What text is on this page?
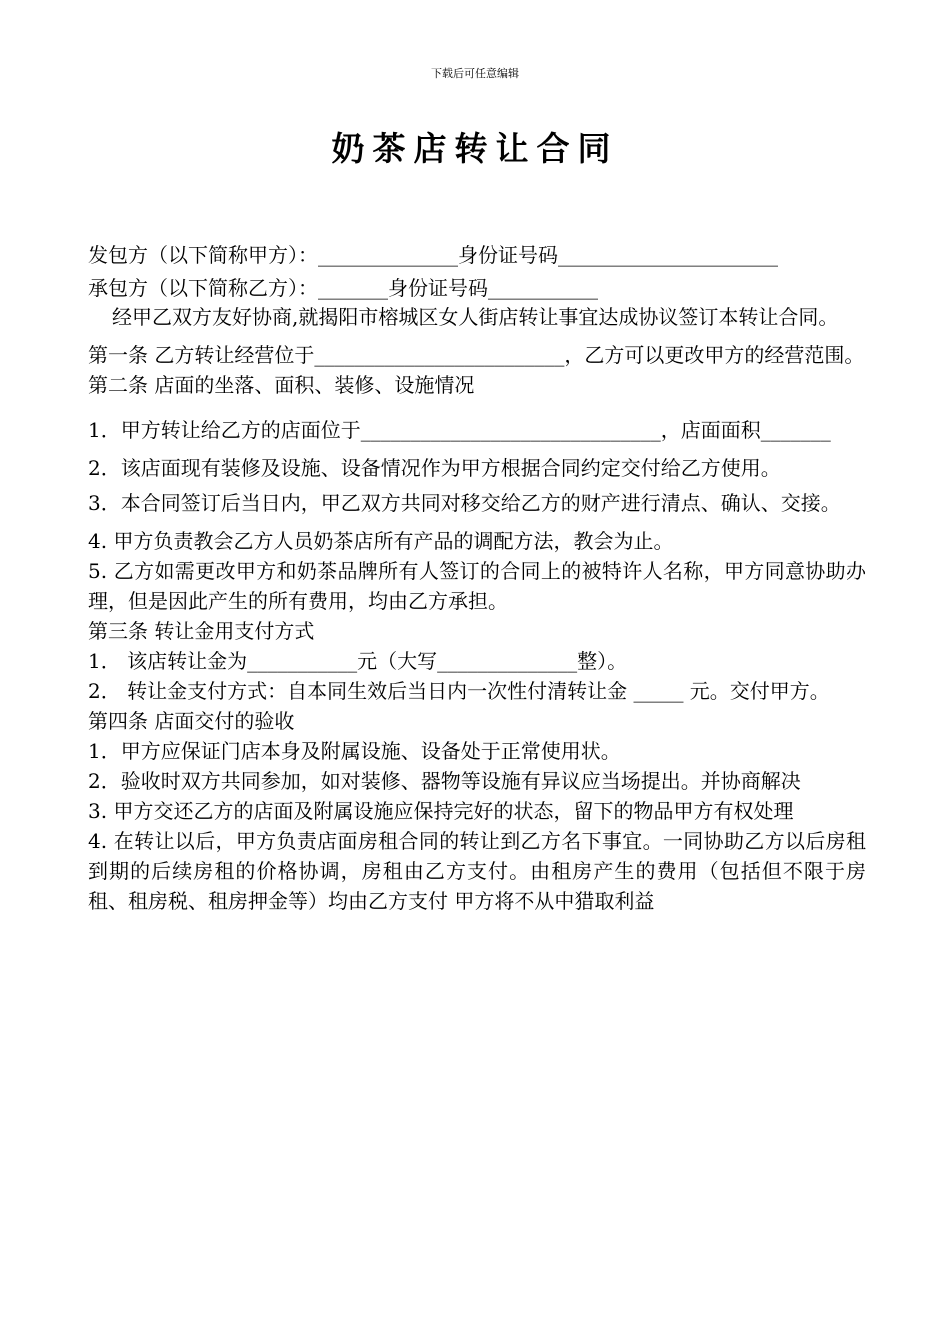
下载后可任意编辑
奶茶店转让合同

发包方（以下简称甲方）：______________身份证号码______________________

承包方（以下简称乙方）：_______身份证号码___________

经甲乙双方友好协商,就揭阳市榕城区女人街店转让事宜达成协议签订本转让合同。

第一条 乙方转让经营位于_________________________，乙方可以更改甲方的经营范围。

第二条 店面的坐落、面积、装修、设施情况

1．甲方转让给乙方的店面位于______________________________，店面面积_______

2．该店面现有装修及设施、设备情况作为甲方根据合同约定交付给乙方使用。

3．本合同签订后当日内，甲乙双方共同对移交给乙方的财产进行清点、确认、交接。

4. 甲方负责教会乙方人员奶茶店所有产品的调配方法，教会为止。

5. 乙方如需更改甲方和奶茶品牌所有人签订的合同上的被特许人名称，甲方同意协助办理，但是因此产生的所有费用，均由乙方承担。

第三条 转让金用支付方式

1． 该店转让金为___________元（大写______________整）。

2． 转让金支付方式：自本同生效后当日内一次性付清转让金 _____ 元。交付甲方。

第四条 店面交付的验收

1．甲方应保证门店本身及附属设施、设备处于正常使用状。

2．验收时双方共同参加，如对装修、器物等设施有异议应当场提出。并协商解决

3. 甲方交还乙方的店面及附属设施应保持完好的状态，留下的物品甲方有权处理

4. 在转让以后，甲方负责店面房租合同的转让到乙方名下事宜。一同协助乙方以后房租到期的后续房租的价格协调，房租由乙方支付。由租房产生的费用（包括但不限于房租、租房税、租房押金等）均由乙方支付 甲方将不从中猎取利益
